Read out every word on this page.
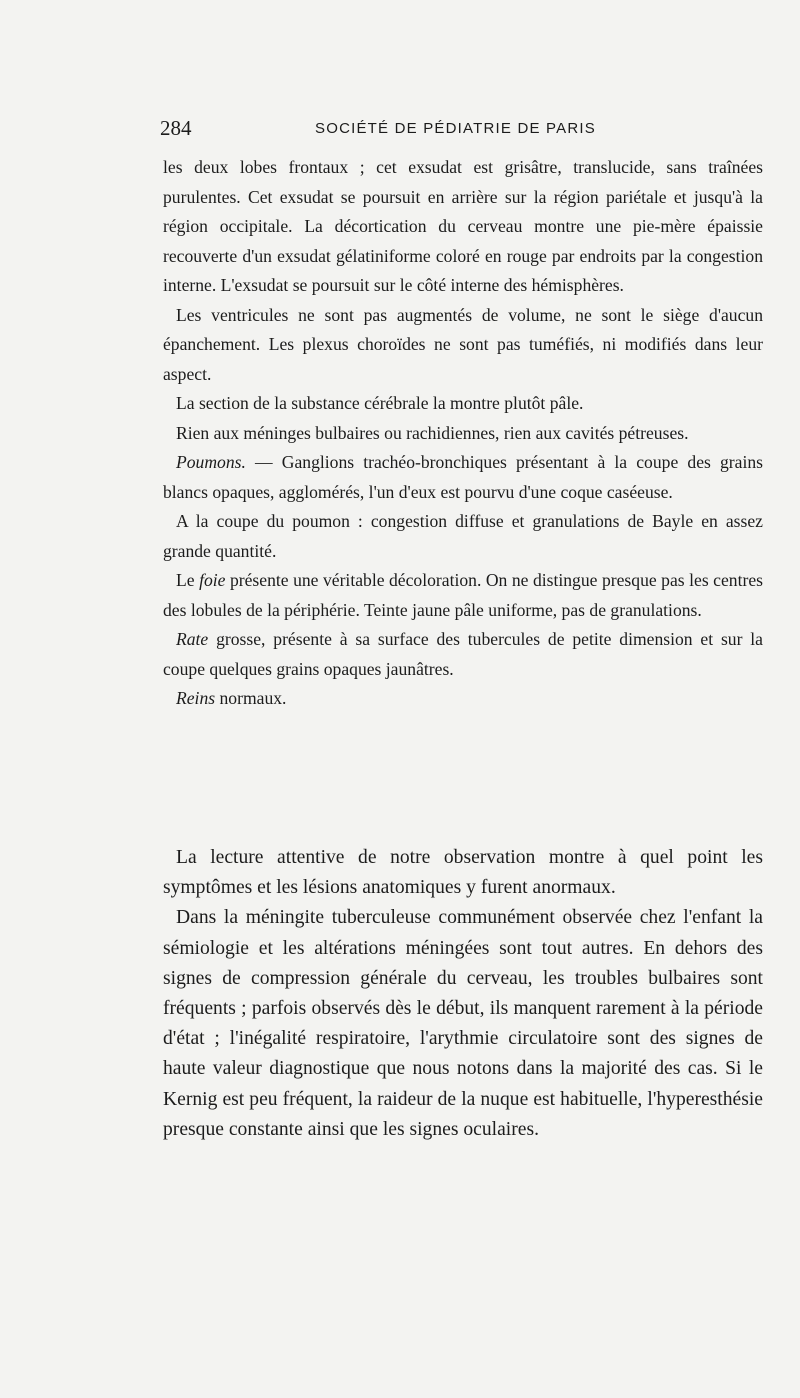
284	SOCIÉTÉ DE PÉDIATRIE DE PARIS

les deux lobes frontaux ; cet exsudat est grisâtre, translucide, sans traînées purulentes. Cet exsudat se poursuit en arrière sur la région pariétale et jusqu'à la région occipitale. La décortication du cerveau montre une pie-mère épaissie recouverte d'un exsudat gélatiniforme coloré en rouge par endroits par la congestion interne. L'exsudat se poursuit sur le côté interne des hémisphères.

Les ventricules ne sont pas augmentés de volume, ne sont le siège d'aucun épanchement. Les plexus choroïdes ne sont pas tuméfiés, ni modifiés dans leur aspect.

La section de la substance cérébrale la montre plutôt pâle.

Rien aux méninges bulbaires ou rachidiennes, rien aux cavités pétreuses.

Poumons. — Ganglions trachéo-bronchiques présentant à la coupe des grains blancs opaques, agglomérés, l'un d'eux est pourvu d'une coque caséeuse.

A la coupe du poumon : congestion diffuse et granulations de Bayle en assez grande quantité.

Le foie présente une véritable décoloration. On ne distingue presque pas les centres des lobules de la périphérie. Teinte jaune pâle uniforme, pas de granulations.

Rate grosse, présente à sa surface des tubercules de petite dimension et sur la coupe quelques grains opaques jaunâtres.

Reins normaux.

La lecture attentive de notre observation montre à quel point les symptômes et les lésions anatomiques y furent anormaux.

Dans la méningite tuberculeuse communément observée chez l'enfant la sémiologie et les altérations méningées sont tout autres. En dehors des signes de compression générale du cerveau, les troubles bulbaires sont fréquents ; parfois observés dès le début, ils manquent rarement à la période d'état ; l'inégalité respiratoire, l'arythmie circulatoire sont des signes de haute valeur diagnostique que nous notons dans la majorité des cas. Si le Kernig est peu fréquent, la raideur de la nuque est habituelle, l'hyperesthésie presque constante ainsi que les signes oculaires.
